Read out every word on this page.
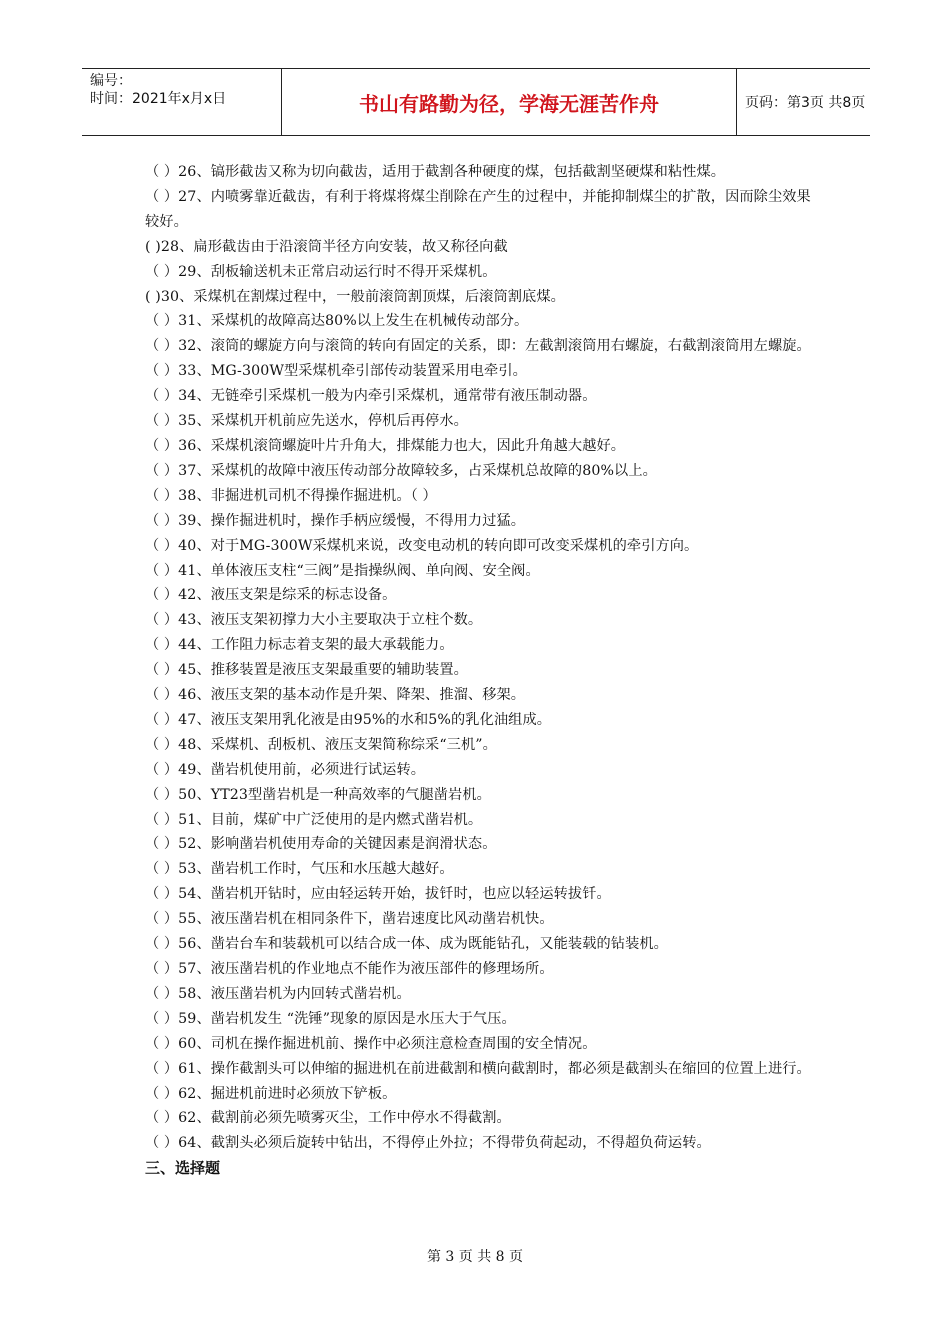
编号：
时间：2021年x月x日	书山有路勤为径，学海无涯苦作舟	页码：第3页 共8页
（ ）26、镐形截齿又称为切向截齿，适用于截割各种硬度的煤，包括截割坚硬煤和粘性煤。
（ ）27、内喷雾靠近截齿，有利于将煤将煤尘削除在产生的过程中，并能抑制煤尘的扩散，因而除尘效果较好。
( )28、扁形截齿由于沿滚筒半径方向安装，故又称径向截
（ ）29、刮板输送机未正常启动运行时不得开采煤机。
( )30、采煤机在割煤过程中，一般前滚筒割顶煤，后滚筒割底煤。
（ ）31、采煤机的故障高达80%以上发生在机械传动部分。
（ ）32、滚筒的螺旋方向与滚筒的转向有固定的关系，即：左截割滚筒用右螺旋，右截割滚筒用左螺旋。
（ ）33、MG-300W型采煤机牵引部传动装置采用电牵引。
（ ）34、无链牵引采煤机一般为内牵引采煤机，通常带有液压制动器。
（ ）35、采煤机开机前应先送水，停机后再停水。
（ ）36、采煤机滚筒螺旋叶片升角大，排煤能力也大，因此升角越大越好。
（ ）37、采煤机的故障中液压传动部分故障较多，占采煤机总故障的80%以上。
（ ）38、非掘进机司机不得操作掘进机。（ ）
（ ）39、操作掘进机时，操作手柄应缓慢，不得用力过猛。
（ ）40、对于MG-300W采煤机来说，改变电动机的转向即可改变采煤机的牵引方向。
（ ）41、单体液压支柱“三阀”是指操纵阀、单向阀、安全阀。
（ ）42、液压支架是综采的标志设备。
（ ）43、液压支架初撑力大小主要取决于立柱个数。
（ ）44、工作阻力标志着支架的最大承载能力。
（ ）45、推移装置是液压支架最重要的辅助装置。
（ ）46、液压支架的基本动作是升架、降架、推溜、移架。
（ ）47、液压支架用乳化液是由95%的水和5%的乳化油组成。
（ ）48、采煤机、刮板机、液压支架简称综采“三机”。
（ ）49、凿岩机使用前，必须进行试运转。
（ ）50、YT23型凿岩机是一种高效率的气腿凿岩机。
（ ）51、目前，煤矿中广泛使用的是内燃式凿岩机。
（ ）52、影响凿岩机使用寿命的关键因素是润滑状态。
（ ）53、凿岩机工作时，气压和水压越大越好。
（ ）54、凿岩机开钻时，应由轻运转开始，拔钎时，也应以轻运转拔钎。
（ ）55、液压凿岩机在相同条件下，凿岩速度比风动凿岩机快。
（ ）56、凿岩台车和装载机可以结合成一体、成为既能钻孔，又能装载的钻装机。
（ ）57、液压凿岩机的作业地点不能作为液压部件的修理场所。
（ ）58、液压凿岩机为内回转式凿岩机。
（ ）59、凿岩机发生 “洗锤”现象的原因是水压大于气压。
（ ）60、司机在操作掘进机前、操作中必须注意检查周围的安全情况。
（ ）61、操作截割头可以伸缩的掘进机在前进截割和横向截割时，都必须是截割头在缩回的位置上进行。
（ ）62、掘进机前进时必须放下铲板。
（ ）62、截割前必须先喷雾灭尘，工作中停水不得截割。
（ ）64、截割头必须后旋转中钻出，不得停止外拉；不得带负荷起动，不得超负荷运转。
三、选择题
第 3 页 共 8 页
